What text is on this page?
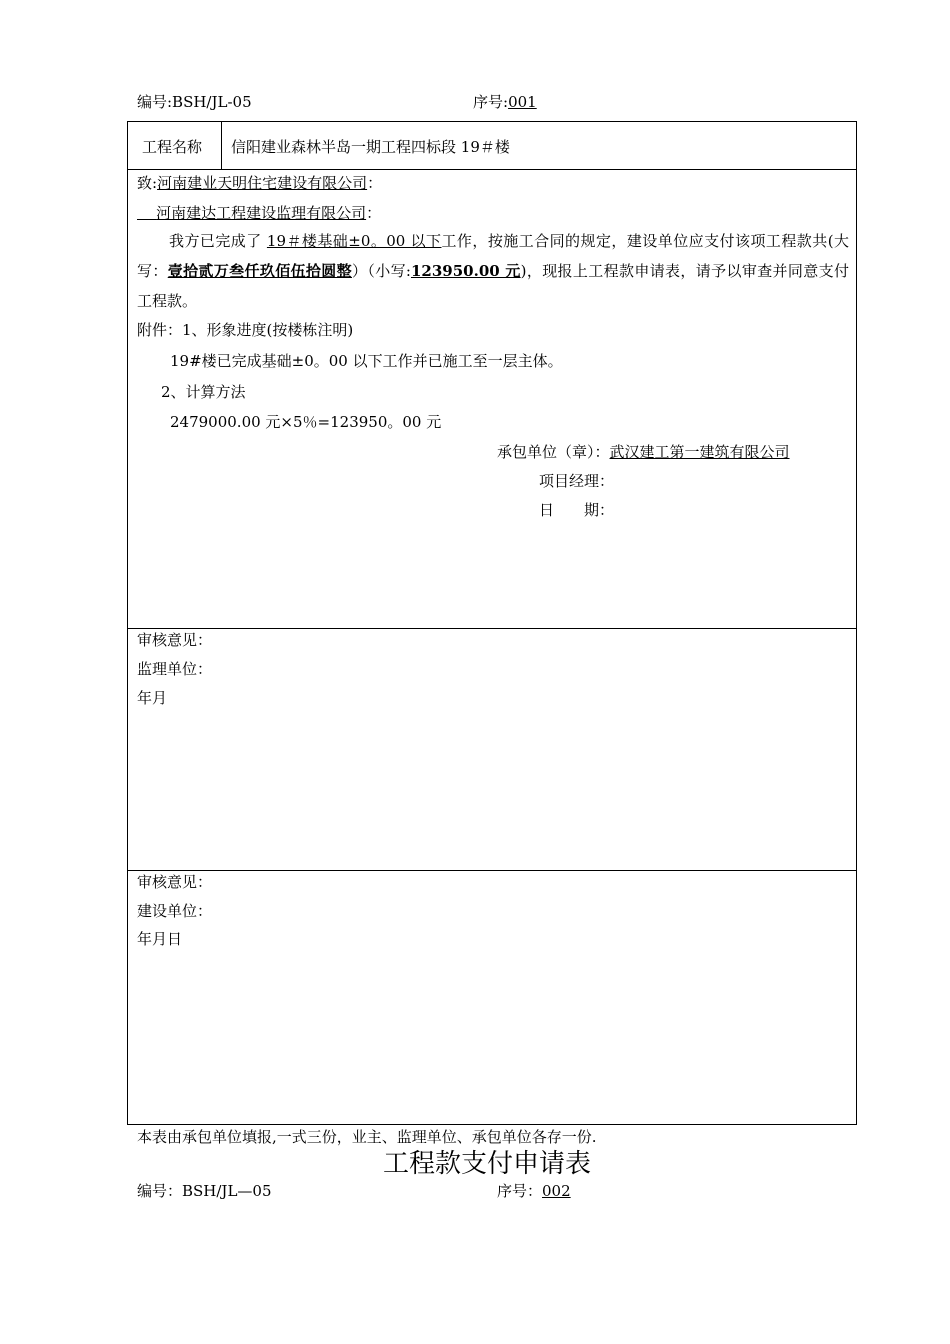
编号:BSH/JL-05	序号:001
工程名称 信阳建业森林半岛一期工程四标段 19＃楼
致:河南建业天明住宅建设有限公司：
河南建达工程建设监理有限公司：
我方已完成了 19＃楼基础±0。00 以下工作，按施工合同的规定，建设单位应支付该项工程款共(大写：壹拾贰万叁仟玖佰伍拾圆整）（小写:123950.00 元)，现报上工程款申请表，请予以审查并同意支付工程款。
附件：1、形象进度(按楼栋注明)
19#楼已完成基础±0。00 以下工作并已施工至一层主体。
2、计算方法
2479000.00 元×5％=123950。00 元
承包单位（章）：武汉建工第一建筑有限公司
项目经理：
日　　期：
审核意见：
监理单位：
年月
审核意见：
建设单位：
年月日
本表由承包单位填报,一式三份，业主、监理单位、承包单位各存一份.
工程款支付申请表
编号：BSH/JL—05	序号：002
